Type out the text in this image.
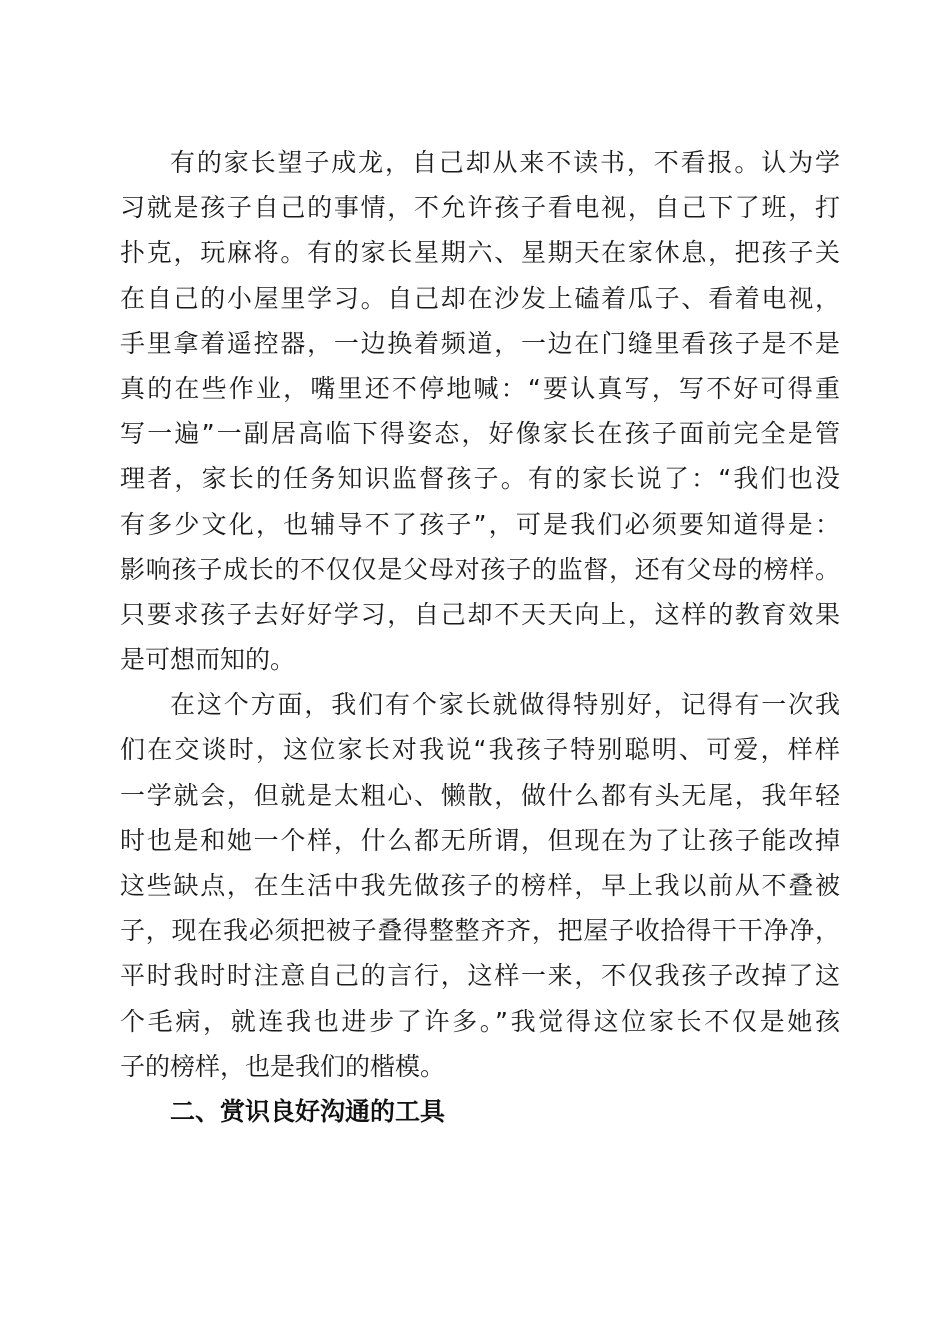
有的家长望子成龙，自己却从来不读书，不看报。认为学
习就是孩子自己的事情，不允许孩子看电视，自己下了班，打
扑克，玩麻将。有的家长星期六、星期天在家休息，把孩子关
在自己的小屋里学习。自己却在沙发上磕着瓜子、看着电视，
手里拿着遥控器，一边换着频道，一边在门缝里看孩子是不是
真的在些作业，嘴里还不停地喊：“要认真写，写不好可得重
写一遍”一副居高临下得姿态，好像家长在孩子面前完全是管
理者，家长的任务知识监督孩子。有的家长说了：“我们也没
有多少文化，也辅导不了孩子”，可是我们必须要知道得是：
影响孩子成长的不仅仅是父母对孩子的监督，还有父母的榜样。
只要求孩子去好好学习，自己却不天天向上，这样的教育效果
是可想而知的。
在这个方面，我们有个家长就做得特别好，记得有一次我
们在交谈时，这位家长对我说“我孩子特别聪明、可爱，样样
一学就会，但就是太粗心、懒散，做什么都有头无尾，我年轻
时也是和她一个样，什么都无所谓，但现在为了让孩子能改掉
这些缺点，在生活中我先做孩子的榜样，早上我以前从不叠被
子，现在我必须把被子叠得整整齐齐，把屋子收拾得干干净净，
平时我时时注意自己的言行，这样一来，不仅我孩子改掉了这
个毛病，就连我也进步了许多。”我觉得这位家长不仅是她孩
子的榜样，也是我们的楷模。
二、赏识良好沟通的工具
